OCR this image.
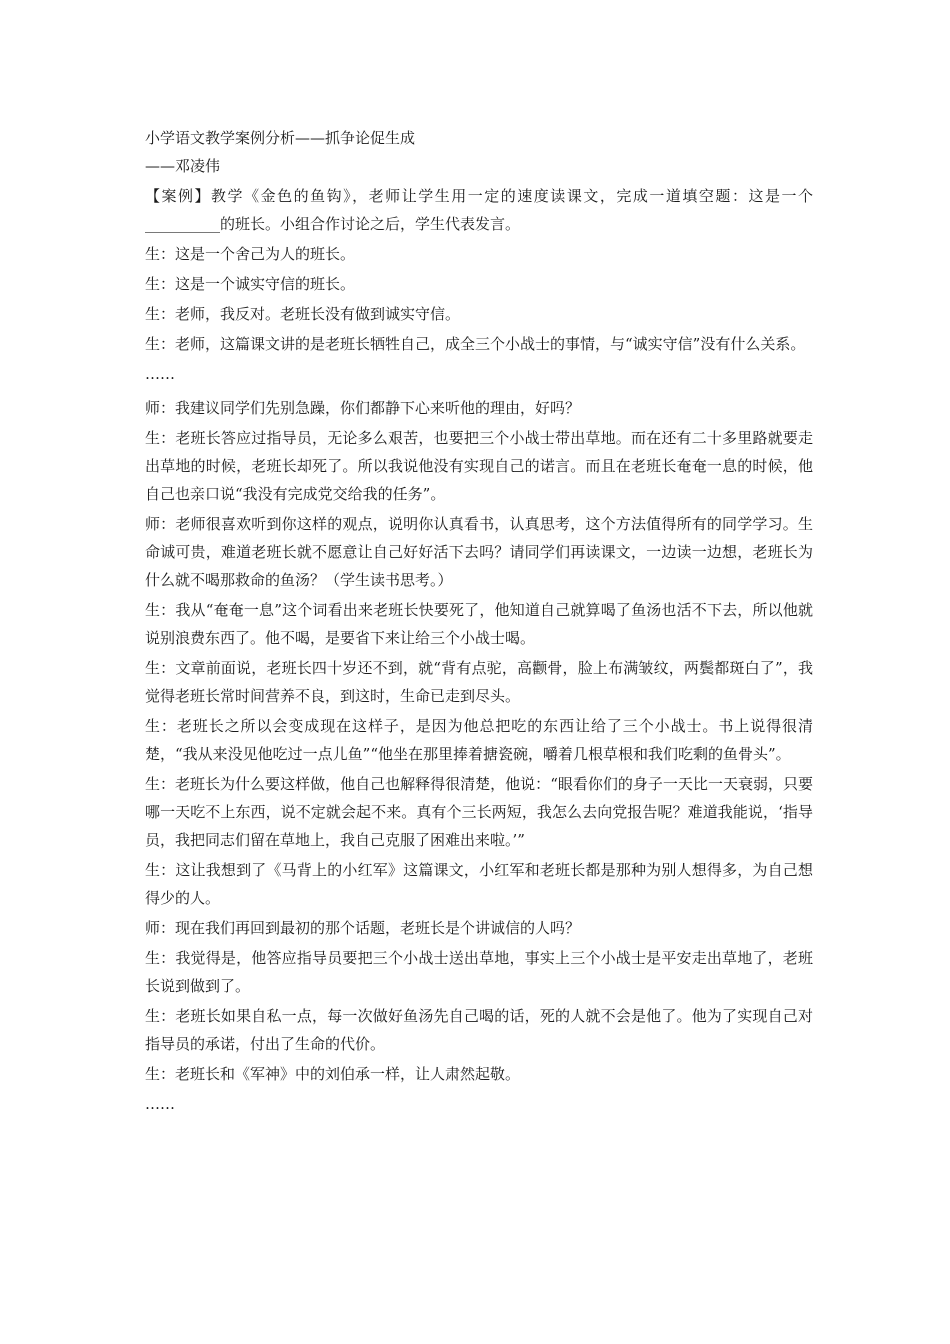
小学语文教学案例分析——抓争论促生成

——邓凌伟

【案例】教学《金色的鱼钩》，老师让学生用一定的速度读课文，完成一道填空题：这是一个__________的班长。小组合作讨论之后，学生代表发言。

生：这是一个舍己为人的班长。

生：这是一个诚实守信的班长。

生：老师，我反对。老班长没有做到诚实守信。

生：老师，这篇课文讲的是老班长牺牲自己，成全三个小战士的事情，与“诚实守信”没有什么关系。

……

师：我建议同学们先别急躁，你们都静下心来听他的理由，好吗？

生：老班长答应过指导员，无论多么艰苦，也要把三个小战士带出草地。而在还有二十多里路就要走出草地的时候，老班长却死了。所以我说他没有实现自己的诺言。而且在老班长奄奄一息的时候，他自己也亲口说“我没有完成党交给我的任务”。

师：老师很喜欢听到你这样的观点，说明你认真看书，认真思考，这个方法值得所有的同学学习。生命诚可贵，难道老班长就不愿意让自己好好活下去吗？请同学们再读课文，一边读一边想，老班长为什么就不喝那救命的鱼汤？（学生读书思考。）

生：我从“奄奄一息”这个词看出来老班长快要死了，他知道自己就算喝了鱼汤也活不下去，所以他就说别浪费东西了。他不喝，是要省下来让给三个小战士喝。

生：文章前面说，老班长四十岁还不到，就“背有点驼，高颧骨，脸上布满皱纹，两鬓都斑白了”，我觉得老班长常时间营养不良，到这时，生命已走到尽头。

生：老班长之所以会变成现在这样子，是因为他总把吃的东西让给了三个小战士。书上说得很清楚，“我从来没见他吃过一点儿鱼”“他坐在那里捧着搪瓷碗，嚼着几根草根和我们吃剩的鱼骨头”。

生：老班长为什么要这样做，他自己也解释得很清楚，他说：“眼看你们的身子一天比一天衰弱，只要哪一天吃不上东西，说不定就会起不来。真有个三长两短，我怎么去向党报告呢？难道我能说，‘指导员，我把同志们留在草地上，我自己克服了困难出来啦。’”

生：这让我想到了《马背上的小红军》这篇课文，小红军和老班长都是那种为别人想得多，为自己想得少的人。

师：现在我们再回到最初的那个话题，老班长是个讲诚信的人吗？

生：我觉得是，他答应指导员要把三个小战士送出草地，事实上三个小战士是平安走出草地了，老班长说到做到了。

生：老班长如果自私一点，每一次做好鱼汤先自己喝的话，死的人就不会是他了。他为了实现自己对指导员的承诺，付出了生命的代价。

生：老班长和《军神》中的刘伯承一样，让人肃然起敬。

……
